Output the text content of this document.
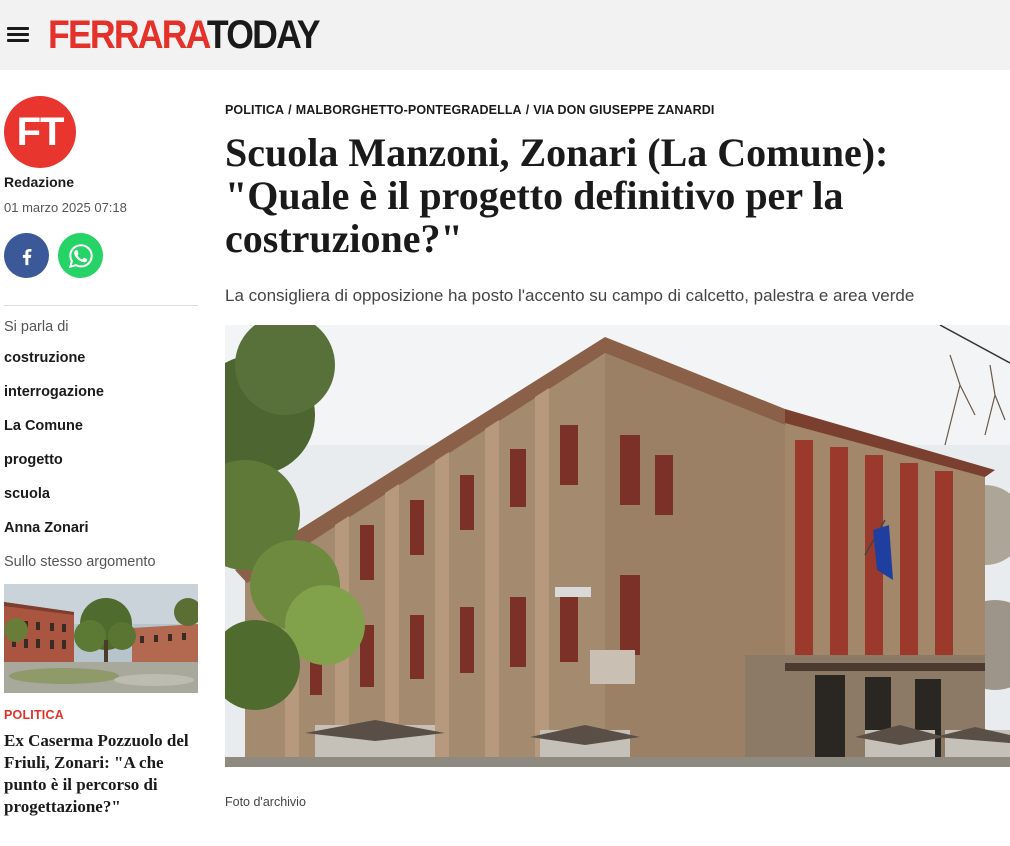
FERRARATODAY
FT
Redazione
01 marzo 2025 07:18
Si parla di
costruzione
interrogazione
La Comune
progetto
scuola
Anna Zonari
Sullo stesso argomento
POLITICA
Ex Caserma Pozzuolo del Friuli, Zonari: "A che punto è il percorso di progettazione?"
POLITICA / MALBORGHETTO-PONTEGRADELLA / VIA DON GIUSEPPE ZANARDI
Scuola Manzoni, Zonari (La Comune): "Quale è il progetto definitivo per la costruzione?"
La consigliera di opposizione ha posto l'accento su campo di calcetto, palestra e area verde
Foto d'archivio
